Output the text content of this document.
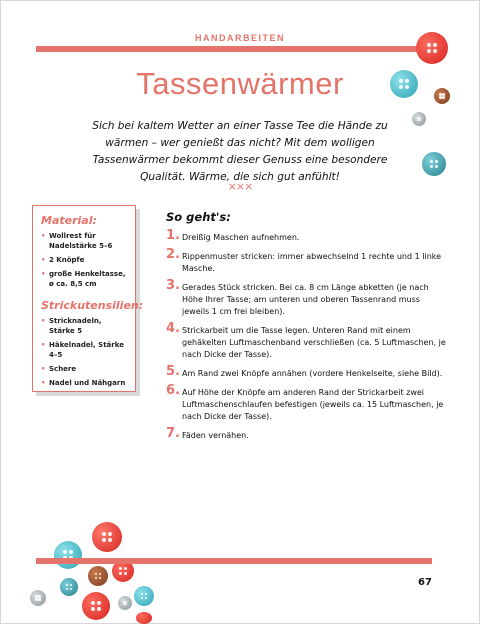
HANDARBEITEN
Tassenwärmer
Sich bei kaltem Wetter an einer Tasse Tee die Hände zu wärmen – wer genießt das nicht? Mit dem wolligen Tassenwärmer bekommt dieser Genuss eine besondere Qualität. Wärme, die sich gut anfühlt!
×××
Material:
• Wollrest für Nadelstärke 5–6
• 2 Knöpfe
• große Henkeltasse, ø ca. 8,5 cm
Strickutensilien:
• Stricknadeln, Stärke 5
• Häkelnadel, Stärke 4–5
• Schere
• Nadel und Nähgarn
So geht's:
1. Dreißig Maschen aufnehmen.
2. Rippenmuster stricken: immer abwechselnd 1 rechte und 1 linke Masche.
3. Gerades Stück stricken. Bei ca. 8 cm Länge abketten (je nach Höhe Ihrer Tasse; am unteren und oberen Tassenrand muss jeweils 1 cm frei bleiben).
4. Strickarbeit um die Tasse legen. Unteren Rand mit einem gehäkelten Luftmaschenband verschließen (ca. 5 Luftmaschen, je nach Dicke der Tasse).
5. Am Rand zwei Knöpfe annähen (vordere Henkelseite, siehe Bild).
6. Auf Höhe der Knöpfe am anderen Rand der Strickarbeit zwei Luftmaschenschlaufen befestigen (jeweils ca. 15 Luftmaschen, je nach Dicke der Tasse).
7. Fäden vernähen.
67
